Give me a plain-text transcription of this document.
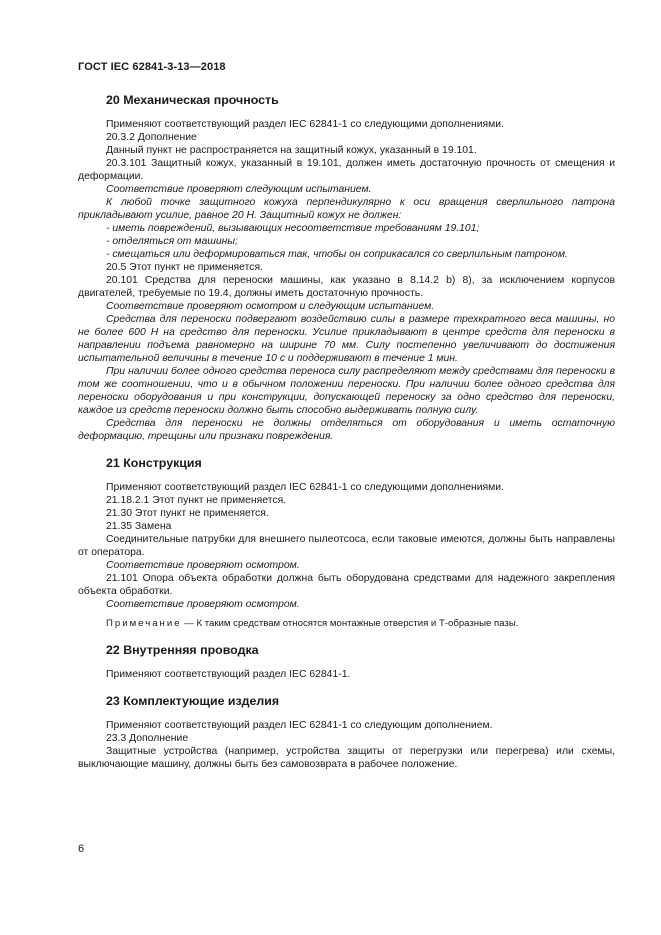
ГОСТ IEC 62841-3-13—2018
20 Механическая прочность

Применяют соответствующий раздел IEC 62841-1 со следующими дополнениями.

20.3.2 Дополнение

Данный пункт не распространяется на защитный кожух, указанный в 19.101.

20.3.101 Защитный кожух, указанный в 19.101, должен иметь достаточную прочность от смещения и деформации.

Соответствие проверяют следующим испытанием.

К любой точке защитного кожуха перпендикулярно к оси вращения сверлильного патрона прикладывают усилие, равное 20 Н. Защитный кожух не должен:

- иметь повреждений, вызывающих несоответствие требованиям 19.101;

- отделяться от машины;

- смещаться или деформироваться так, чтобы он соприкасался со сверлильным патроном.

20.5 Этот пункт не применяется.

20.101 Средства для переноски машины, как указано в 8.14.2 b) 8), за исключением корпусов двигателей, требуемые по 19.4, должны иметь достаточную прочность.

Соответствие проверяют осмотром и следующим испытанием.

Средства для переноски подвергают воздействию силы в размере трехкратного веса машины, но не более 600 Н на средство для переноски. Усилие прикладывают в центре средств для переноски в направлении подъема равномерно на ширине 70 мм. Силу постепенно увеличивают до достижения испытательной величины в течение 10 с и поддерживают в течение 1 мин.

При наличии более одного средства переноса силу распределяют между средствами для переноски в том же соотношении, что и в обычном положении переноски. При наличии более одного средства для переноски оборудования и при конструкции, допускающей переноску за одно средство для переноски, каждое из средств переноски должно быть способно выдерживать полную силу.

Средства для переноски не должны отделяться от оборудования и иметь остаточную деформацию, трещины или признаки повреждения.

21 Конструкция

Применяют соответствующий раздел IEC 62841-1 со следующими дополнениями.

21.18.2.1 Этот пункт не применяется.

21.30 Этот пункт не применяется.

21.35 Замена

Соединительные патрубки для внешнего пылеотсоса, если таковые имеются, должны быть направлены от оператора.

Соответствие проверяют осмотром.

21.101 Опора объекта обработки должна быть оборудована средствами для надежного закрепления объекта обработки.

Соответствие проверяют осмотром.

Примечание — К таким средствам относятся монтажные отверстия и Т-образные пазы.

22 Внутренняя проводка

Применяют соответствующий раздел IEC 62841-1.

23 Комплектующие изделия

Применяют соответствующий раздел IEC 62841-1 со следующим дополнением.

23.3 Дополнение

Защитные устройства (например, устройства защиты от перегрузки или перегрева) или схемы, выключающие машину, должны быть без самовозврата в рабочее положение.

6
